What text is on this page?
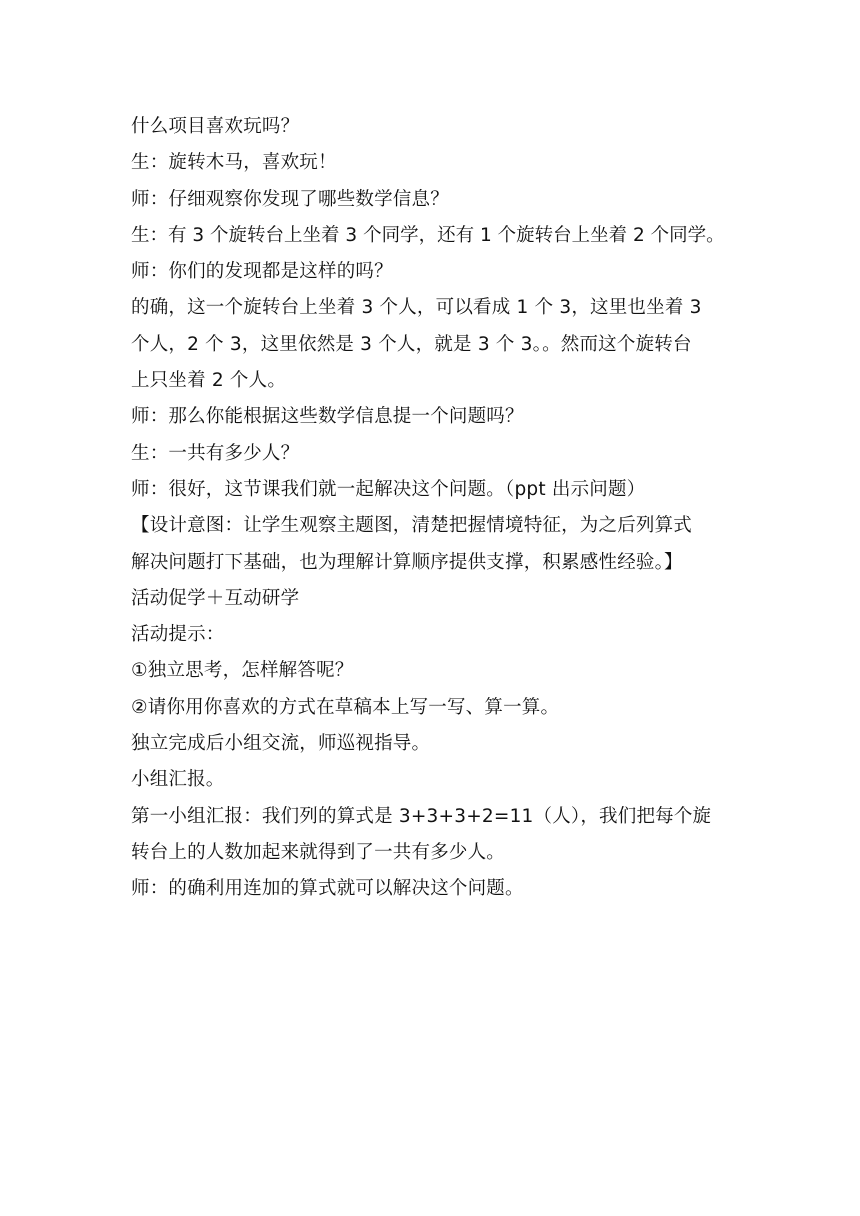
什么项目喜欢玩吗？
生：旋转木马，喜欢玩！
师：仔细观察你发现了哪些数学信息？
生：有 3 个旋转台上坐着 3 个同学，还有 1 个旋转台上坐着 2 个同学。
师：你们的发现都是这样的吗？
的确，这一个旋转台上坐着 3 个人，可以看成 1 个 3，这里也坐着 3
个人，2 个 3，这里依然是 3 个人，就是 3 个 3。。然而这个旋转台
上只坐着 2 个人。
师：那么你能根据这些数学信息提一个问题吗？
生：一共有多少人？
师：很好，这节课我们就一起解决这个问题。（ppt 出示问题）
【设计意图：让学生观察主题图，清楚把握情境特征，为之后列算式
解决问题打下基础，也为理解计算顺序提供支撑，积累感性经验。】
活动促学＋互动研学
活动提示：
①独立思考，怎样解答呢？
②请你用你喜欢的方式在草稿本上写一写、算一算。
独立完成后小组交流，师巡视指导。
小组汇报。
第一小组汇报：我们列的算式是 3+3+3+2=11（人），我们把每个旋
转台上的人数加起来就得到了一共有多少人。
师：的确利用连加的算式就可以解决这个问题。
